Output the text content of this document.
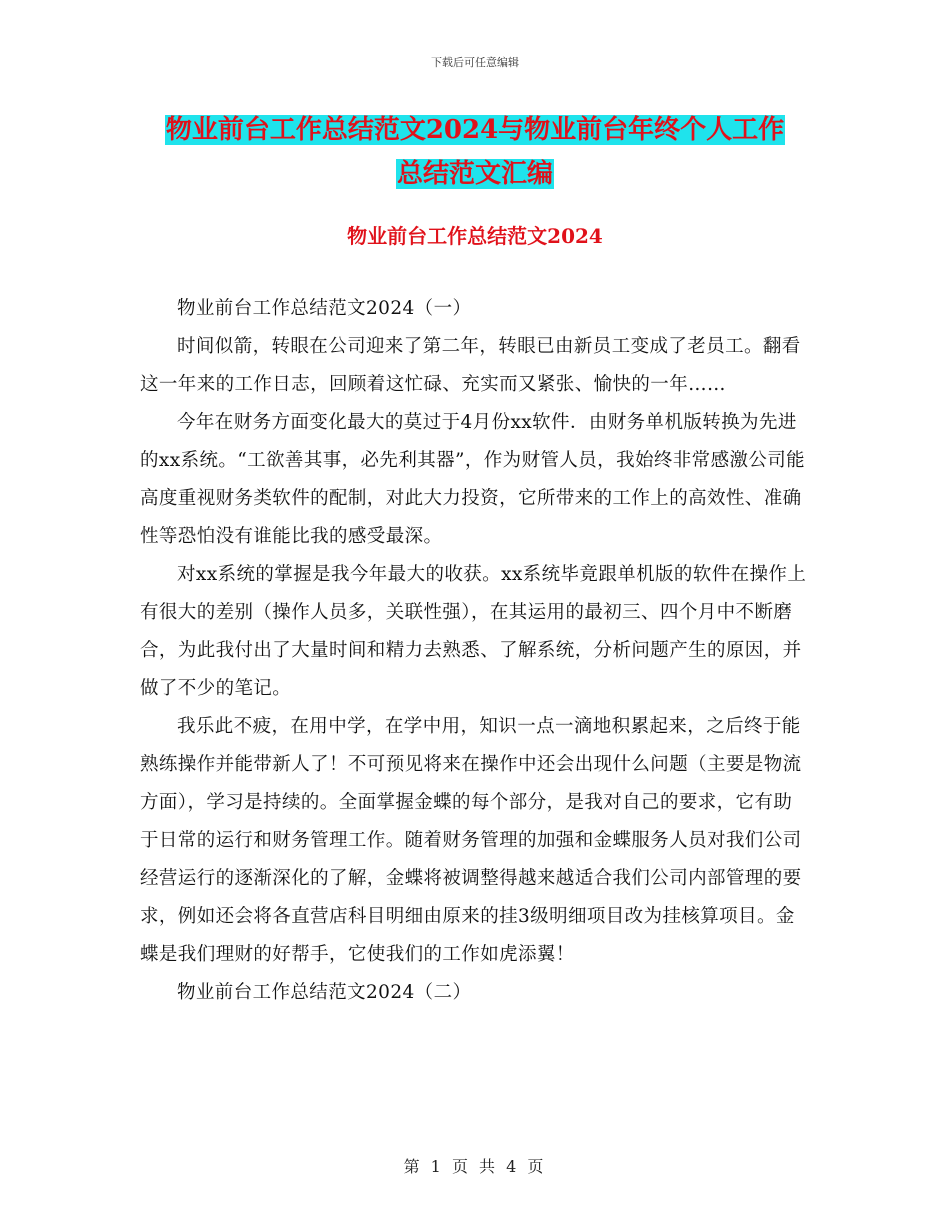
下载后可任意编辑
物业前台工作总结范文2024与物业前台年终个人工作
总结范文汇编
物业前台工作总结范文2024

物业前台工作总结范文2024（一）

时间似箭，转眼在公司迎来了第二年，转眼已由新员工变成了老员工。翻看这一年来的工作日志，回顾着这忙碌、充实而又紧张、愉快的一年……

今年在财务方面变化最大的莫过于4月份xx软件．由财务单机版转换为先进的xx系统。“工欲善其事，必先利其器”，作为财管人员，我始终非常感激公司能高度重视财务类软件的配制，对此大力投资，它所带来的工作上的高效性、准确性等恐怕没有谁能比我的感受最深。

对xx系统的掌握是我今年最大的收获。xx系统毕竟跟单机版的软件在操作上有很大的差别（操作人员多，关联性强），在其运用的最初三、四个月中不断磨合，为此我付出了大量时间和精力去熟悉、了解系统，分析问题产生的原因，并做了不少的笔记。

我乐此不疲，在用中学，在学中用，知识一点一滴地积累起来，之后终于能熟练操作并能带新人了！不可预见将来在操作中还会出现什么问题（主要是物流方面），学习是持续的。全面掌握金蝶的每个部分，是我对自己的要求，它有助于日常的运行和财务管理工作。随着财务管理的加强和金蝶服务人员对我们公司经营运行的逐渐深化的了解，金蝶将被调整得越来越适合我们公司内部管理的要求，例如还会将各直营店科目明细由原来的挂3级明细项目改为挂核算项目。金蝶是我们理财的好帮手，它使我们的工作如虎添翼！

物业前台工作总结范文2024（二）

第 1 页 共 4 页
